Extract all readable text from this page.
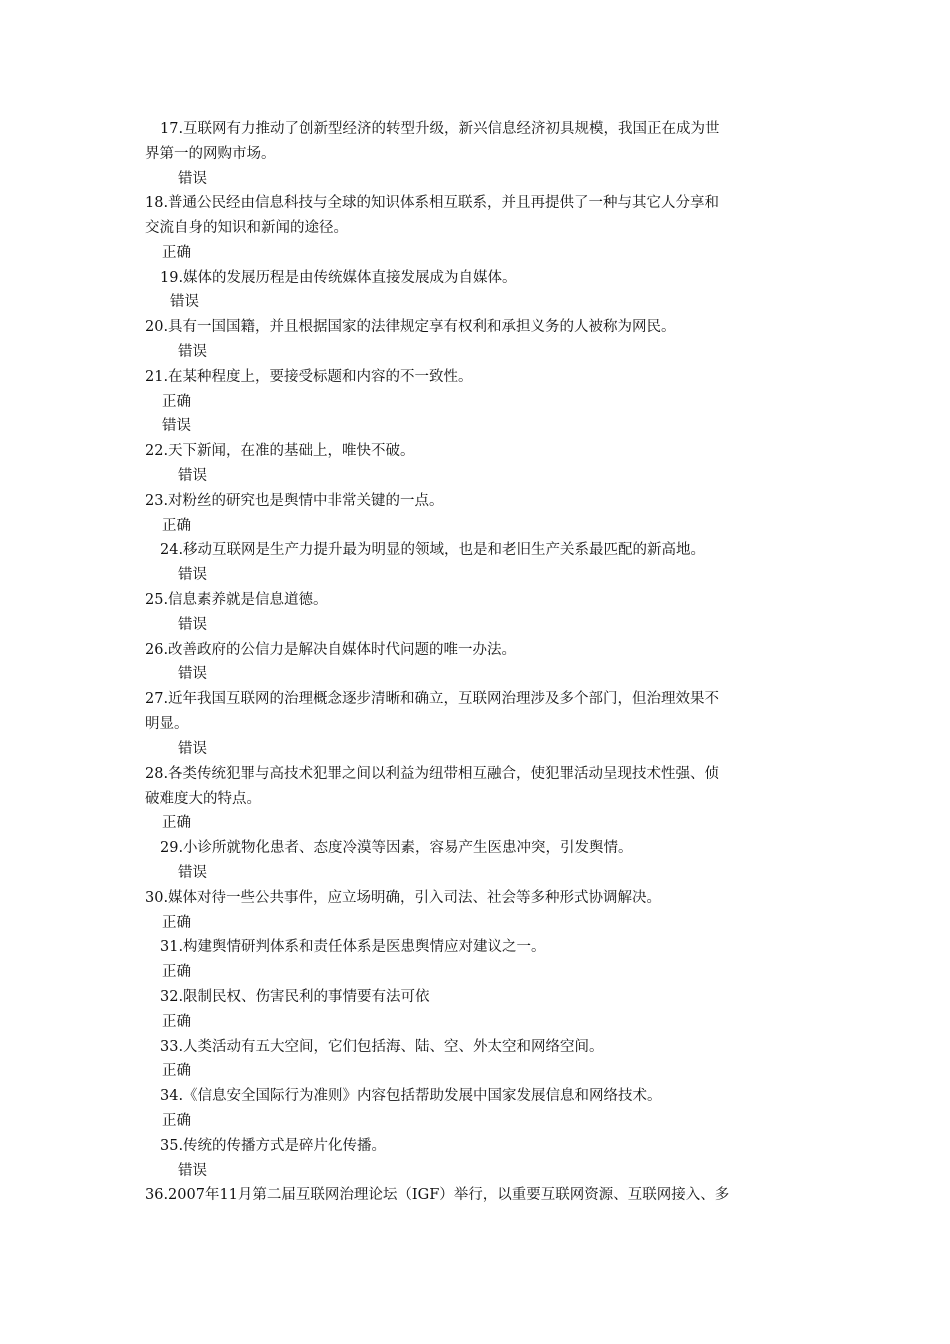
17.互联网有力推动了创新型经济的转型升级，新兴信息经济初具规模，我国正在成为世
界第一的网购市场。
错误
18.普通公民经由信息科技与全球的知识体系相互联系，并且再提供了一种与其它人分享和
交流自身的知识和新闻的途径。
正确
19.媒体的发展历程是由传统媒体直接发展成为自媒体。
错误
20.具有一国国籍，并且根据国家的法律规定享有权利和承担义务的人被称为网民。
错误
21.在某种程度上，要接受标题和内容的不一致性。
正确
错误
22.天下新闻，在准的基础上，唯快不破。
错误
23.对粉丝的研究也是舆情中非常关键的一点。
正确
24.移动互联网是生产力提升最为明显的领域，也是和老旧生产关系最匹配的新高地。
错误
25.信息素养就是信息道德。
错误
26.改善政府的公信力是解决自媒体时代问题的唯一办法。
错误
27.近年我国互联网的治理概念逐步清晰和确立，互联网治理涉及多个部门，但治理效果不
明显。
错误
28.各类传统犯罪与高技术犯罪之间以利益为纽带相互融合，使犯罪活动呈现技术性强、侦
破难度大的特点。
正确
29.小诊所就物化患者、态度冷漠等因素，容易产生医患冲突，引发舆情。
错误
30.媒体对待一些公共事件，应立场明确，引入司法、社会等多种形式协调解决。
正确
31.构建舆情研判体系和责任体系是医患舆情应对建议之一。
正确
32.限制民权、伤害民利的事情要有法可依
正确
33.人类活动有五大空间，它们包括海、陆、空、外太空和网络空间。
正确
34.《信息安全国际行为准则》内容包括帮助发展中国家发展信息和网络技术。
正确
35.传统的传播方式是碎片化传播。
错误
36.2007年11月第二届互联网治理论坛（IGF）举行，以重要互联网资源、互联网接入、多
